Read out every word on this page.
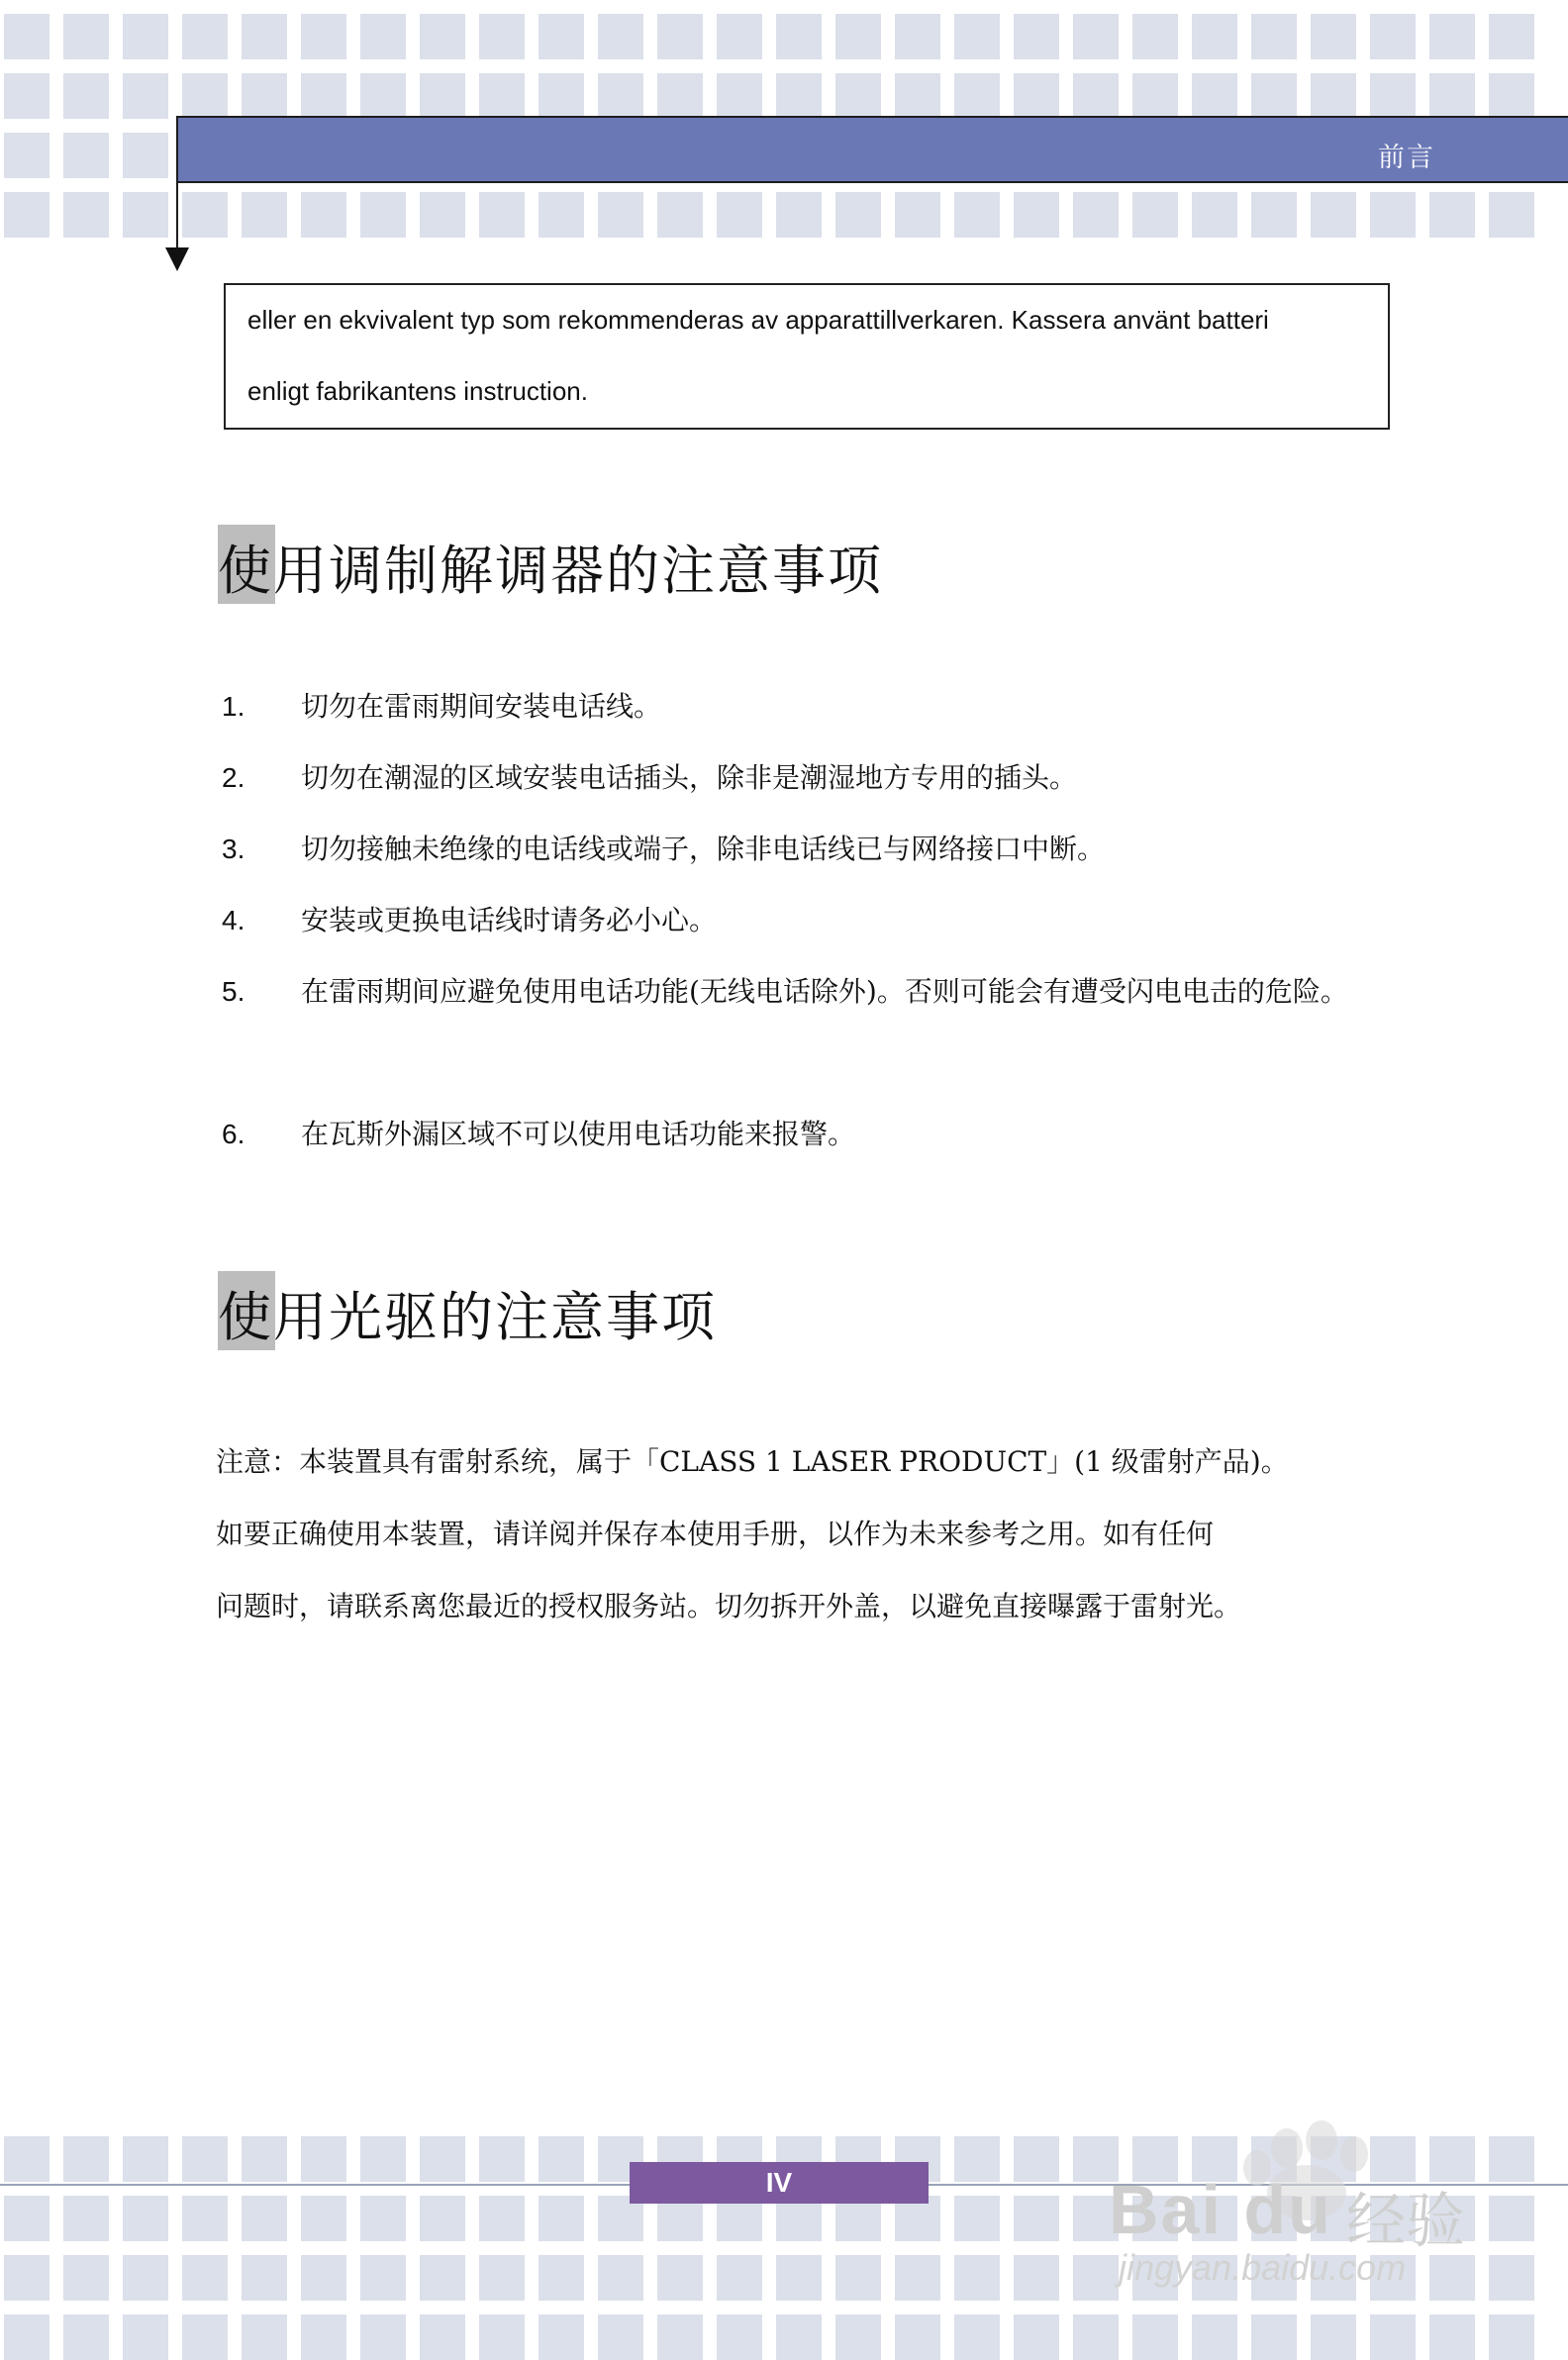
前言

eller en ekvivalent typ som rekommenderas av apparattillverkaren. Kassera använt batteri

enligt fabrikantens instruction.

使用调制解调器的注意事项
1. 切勿在雷雨期间安装电话线。
2. 切勿在潮湿的区域安装电话插头，除非是潮湿地方专用的插头。
3. 切勿接触未绝缘的电话线或端子，除非电话线已与网络接口中断。
4. 安装或更换电话线时请务必小心。
5. 在雷雨期间应避免使用电话功能(无线电话除外)。否则可能会有遭受闪电电击的危险。
6. 在瓦斯外漏区域不可以使用电话功能来报警。
使用光驱的注意事项

注意：本装置具有雷射系统，属于「CLASS 1 LASER PRODUCT」(1 级雷射产品)。
如要正确使用本装置，请详阅并保存本使用手册，以作为未来参考之用。如有任何
问题时，请联系离您最近的授权服务站。切勿拆开外盖，以避免直接曝露于雷射光。

IV	Bai du 经验
jingyan.baidu.com
